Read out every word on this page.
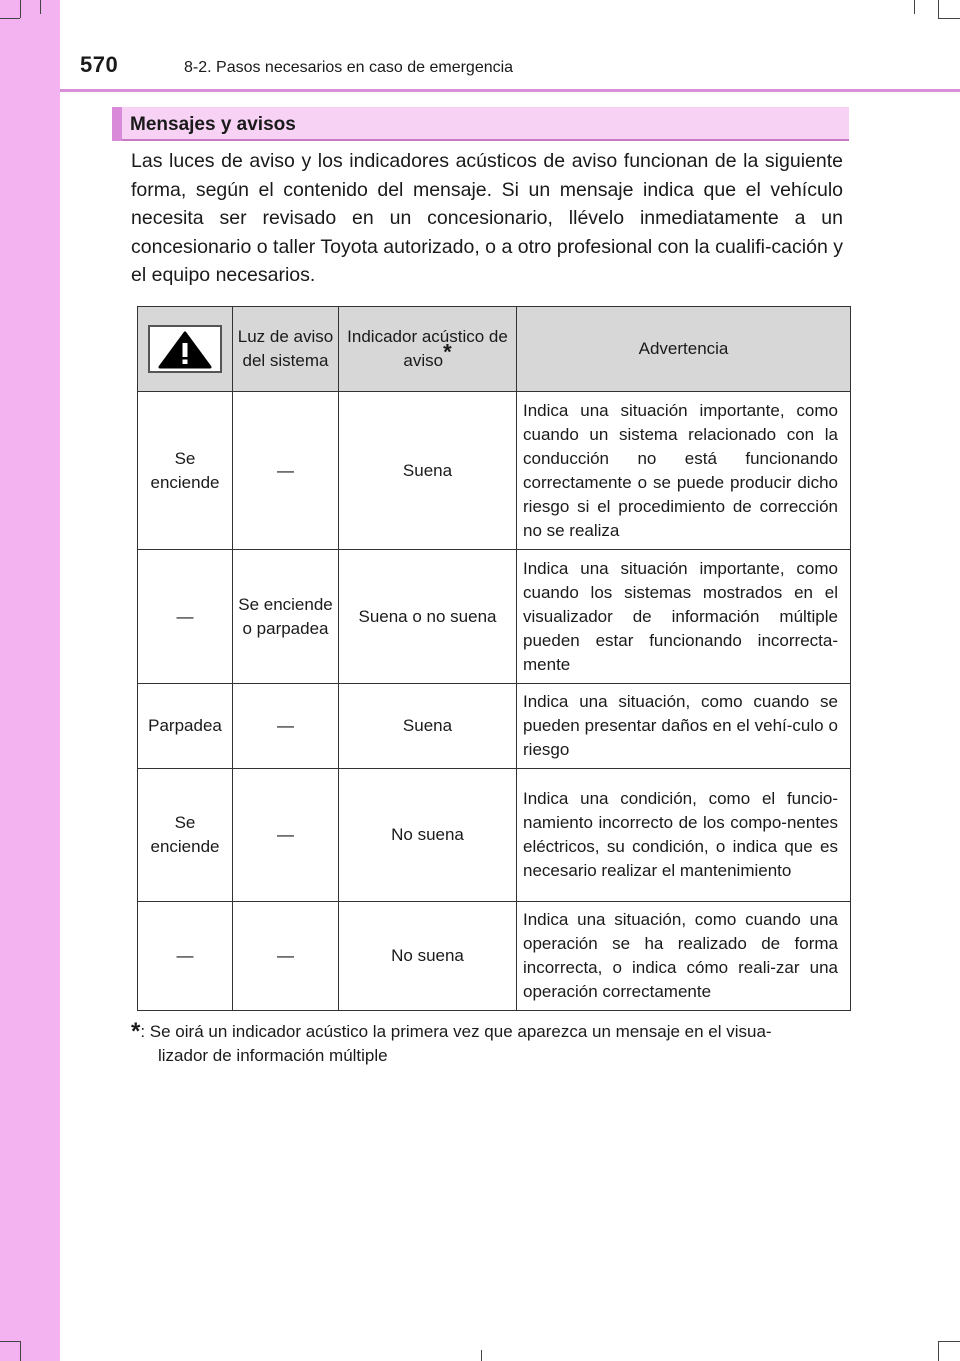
570	8-2. Pasos necesarios en caso de emergencia
Mensajes y avisos

Las luces de aviso y los indicadores acústicos de aviso funcionan de la siguiente forma, según el contenido del mensaje. Si un mensaje indica que el vehículo necesita ser revisado en un concesionario, llévelo inmediatamente a un concesionario o taller Toyota autorizado, o a otro profesional con la cualifi-cación y el equipo necesarios.

	Luz de aviso del sistema	Indicador acústico de aviso*	Advertencia
Se enciende	—	Suena	Indica una situación importante, como cuando un sistema relacionado con la conducción no está funcionando correctamente o se puede producir dicho riesgo si el procedimiento de corrección no se realiza
—	Se enciende o parpadea	Suena o no suena	Indica una situación importante, como cuando los sistemas mostrados en el visualizador de información múltiple pueden estar funcionando incorrecta-mente
Parpadea	—	Suena	Indica una situación, como cuando se pueden presentar daños en el vehí-culo o riesgo
Se enciende	—	No suena	Indica una condición, como el funcio-namiento incorrecto de los compo-nentes eléctricos, su condición, o indica que es necesario realizar el mantenimiento
—	—	No suena	Indica una situación, como cuando una operación se ha realizado de forma incorrecta, o indica cómo reali-zar una operación correctamente
*: Se oirá un indicador acústico la primera vez que aparezca un mensaje en el visua-
lizador de información múltiple
carmanualsonline.info
